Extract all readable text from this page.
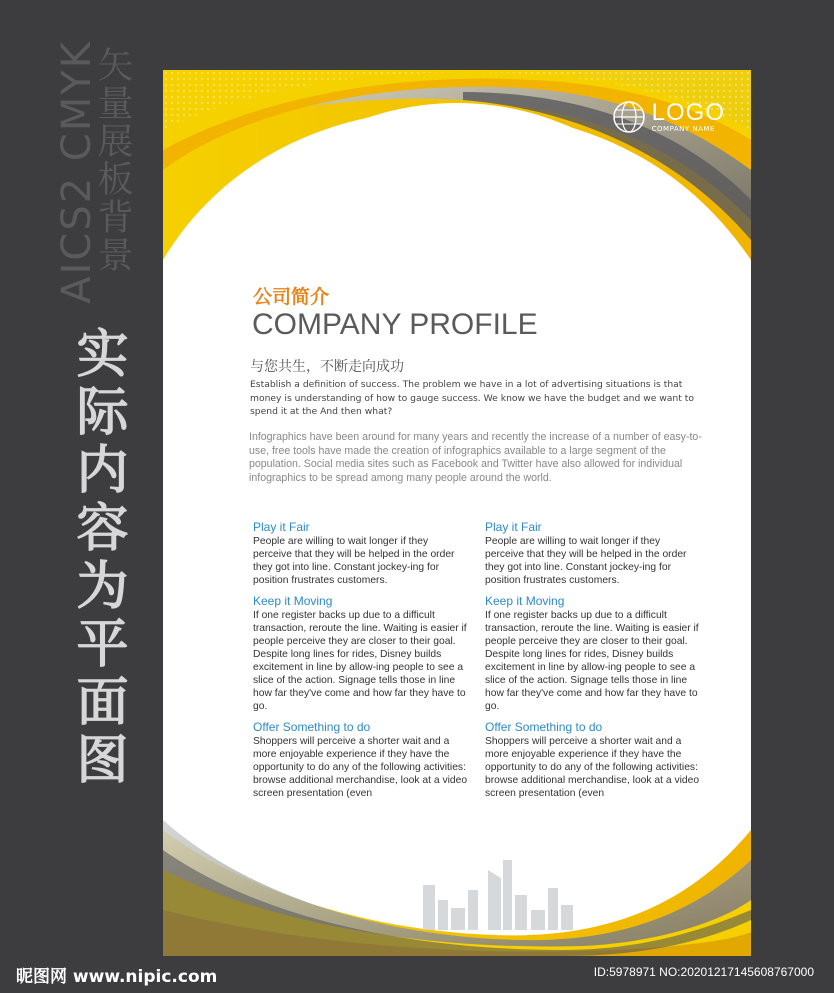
AICS2 CMYK
矢量展板背景
实际内容为平面图
LOGO
COMPANY NAME
公司简介
COMPANY PROFILE
与您共生，不断走向成功
Establish a definition of success. The problem we have in a lot of advertising situations is that money is understanding of how to gauge success. We know we have the budget and we want to spend it at the And then what?
Infographics have been around for many years and recently the increase of a number of easy-to-use, free tools have made the creation of infographics available to a large segment of the population. Social media sites such as Facebook and Twitter have also allowed for individual infographics to be spread among many people around the world.

Play it Fair

People are willing to wait longer if they perceive that they will be helped in the order they got into line. Constant jockey-ing for position frustrates customers.

Keep it Moving

If one register backs up due to a difficult transaction, reroute the line. Waiting is easier if people perceive they are closer to their goal. Despite long lines for rides, Disney builds excitement in line by allow-ing people to see a slice of the action. Signage tells those in line how far they've come and how far they have to go.

Offer Something to do

Shoppers will perceive a shorter wait and a more enjoyable experience if they have the opportunity to do any of the following activities: browse additional merchandise, look at a video screen presentation (even

Play it Fair

People are willing to wait longer if they perceive that they will be helped in the order they got into line. Constant jockey-ing for position frustrates customers.

Keep it Moving

If one register backs up due to a difficult transaction, reroute the line. Waiting is easier if people perceive they are closer to their goal. Despite long lines for rides, Disney builds excitement in line by allow-ing people to see a slice of the action. Signage tells those in line how far they've come and how far they have to go.

Offer Something to do

Shoppers will perceive a shorter wait and a more enjoyable experience if they have the opportunity to do any of the following activities: browse additional merchandise, look at a video screen presentation (even

昵图网 www.nipic.com	ID:5978971 NO:20201217145608767000
